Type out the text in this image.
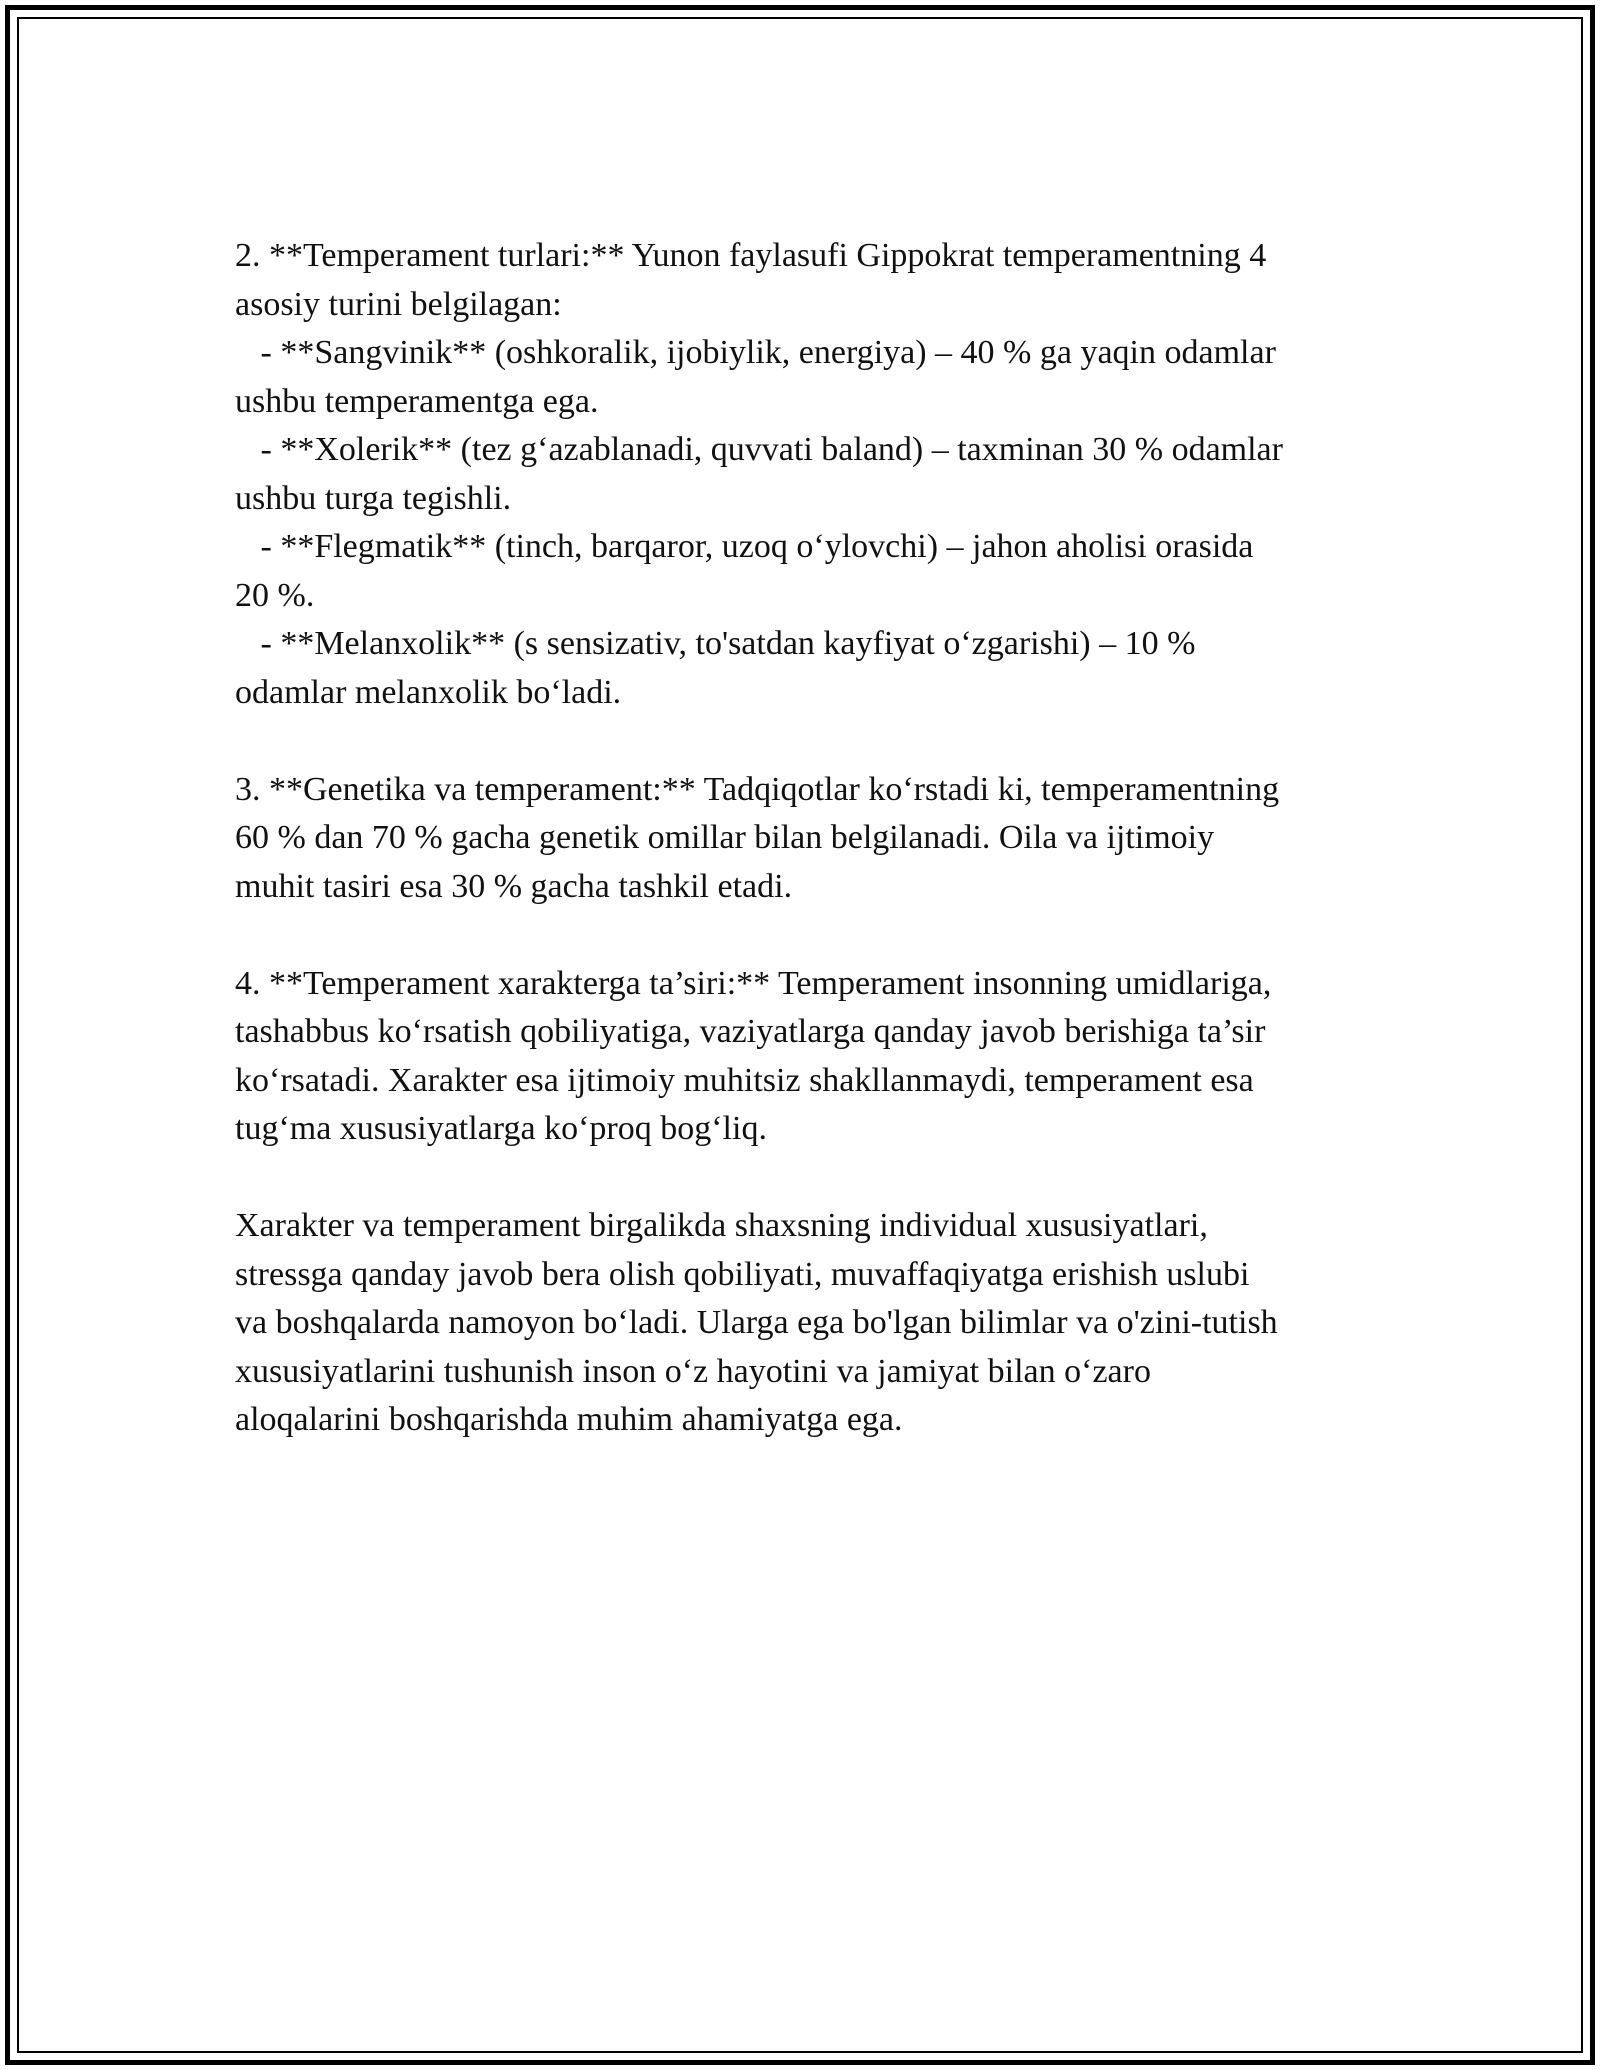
2. **Temperament turlari:** Yunon faylasufi Gippokrat temperamentning 4
asosiy turini belgilagan:
- **Sangvinik** (oshkoralik, ijobiylik, energiya) – 40 % ga yaqin odamlar
ushbu temperamentga ega.
- **Xolerik** (tez g‘azablanadi, quvvati baland) – taxminan 30 % odamlar
ushbu turga tegishli.
- **Flegmatik** (tinch, barqaror, uzoq o‘ylovchi) – jahon aholisi orasida
20 %.
- **Melanxolik** (s sensizativ, to'satdan kayfiyat o‘zgarishi) – 10 %
odamlar melanxolik bo‘ladi.
3. **Genetika va temperament:** Tadqiqotlar ko‘rstadi ki, temperamentning
60 % dan 70 % gacha genetik omillar bilan belgilanadi. Oila va ijtimoiy
muhit tasiri esa 30 % gacha tashkil etadi.
4. **Temperament xarakterga ta’siri:** Temperament insonning umidlariga,
tashabbus ko‘rsatish qobiliyatiga, vaziyatlarga qanday javob berishiga ta’sir
ko‘rsatadi. Xarakter esa ijtimoiy muhitsiz shakllanmaydi, temperament esa
tug‘ma xususiyatlarga ko‘proq bog‘liq.
Xarakter va temperament birgalikda shaxsning individual xususiyatlari,
stressga qanday javob bera olish qobiliyati, muvaffaqiyatga erishish uslubi
va boshqalarda namoyon bo‘ladi. Ularga ega bo'lgan bilimlar va o'zini-tutish
xususiyatlarini tushunish inson o‘z hayotini va jamiyat bilan o‘zaro
aloqalarini boshqarishda muhim ahamiyatga ega.
